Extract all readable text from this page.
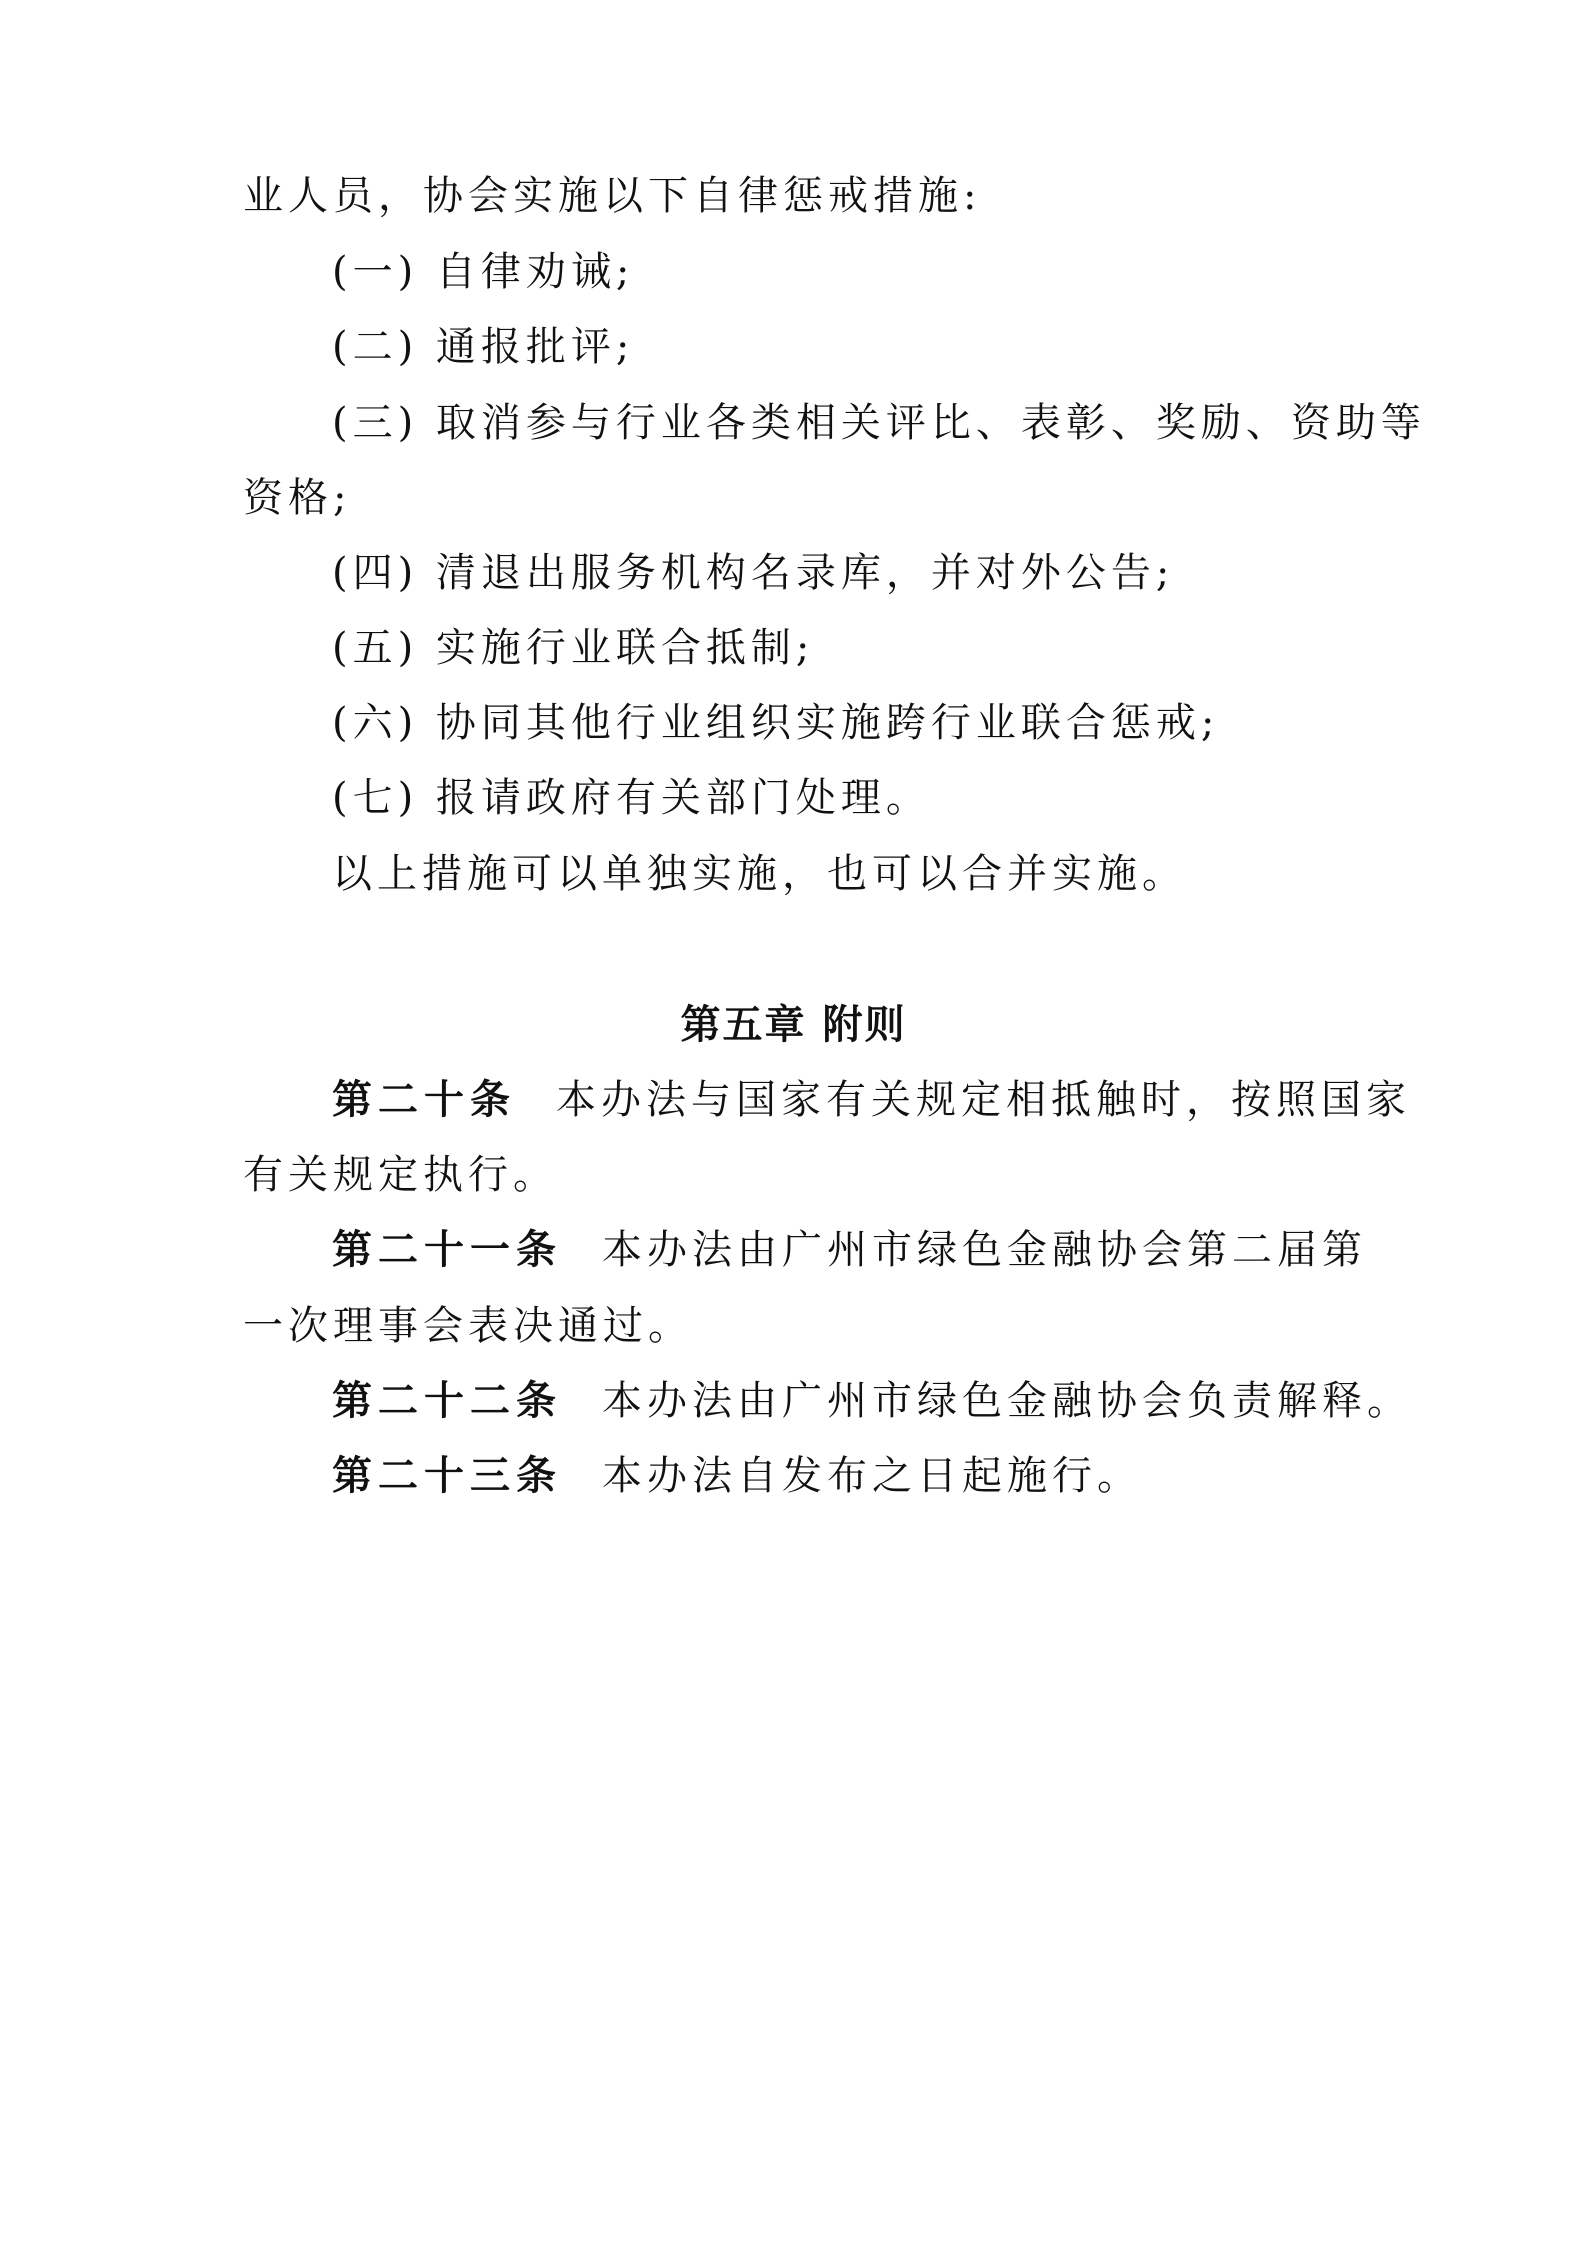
业人员，协会实施以下自律惩戒措施:
(一) 自律劝诫;
(二) 通报批评;
(三) 取消参与行业各类相关评比、表彰、奖励、资助等
资格;
(四) 清退出服务机构名录库，并对外公告;
(五) 实施行业联合抵制;
(六) 协同其他行业组织实施跨行业联合惩戒;
(七) 报请政府有关部门处理。
以上措施可以单独实施，也可以合并实施。
第五章 附则
第二十条 本办法与国家有关规定相抵触时，按照国家
有关规定执行。
第二十一条 本办法由广州市绿色金融协会第二届第
一次理事会表决通过。
第二十二条 本办法由广州市绿色金融协会负责解释。
第二十三条 本办法自发布之日起施行。
